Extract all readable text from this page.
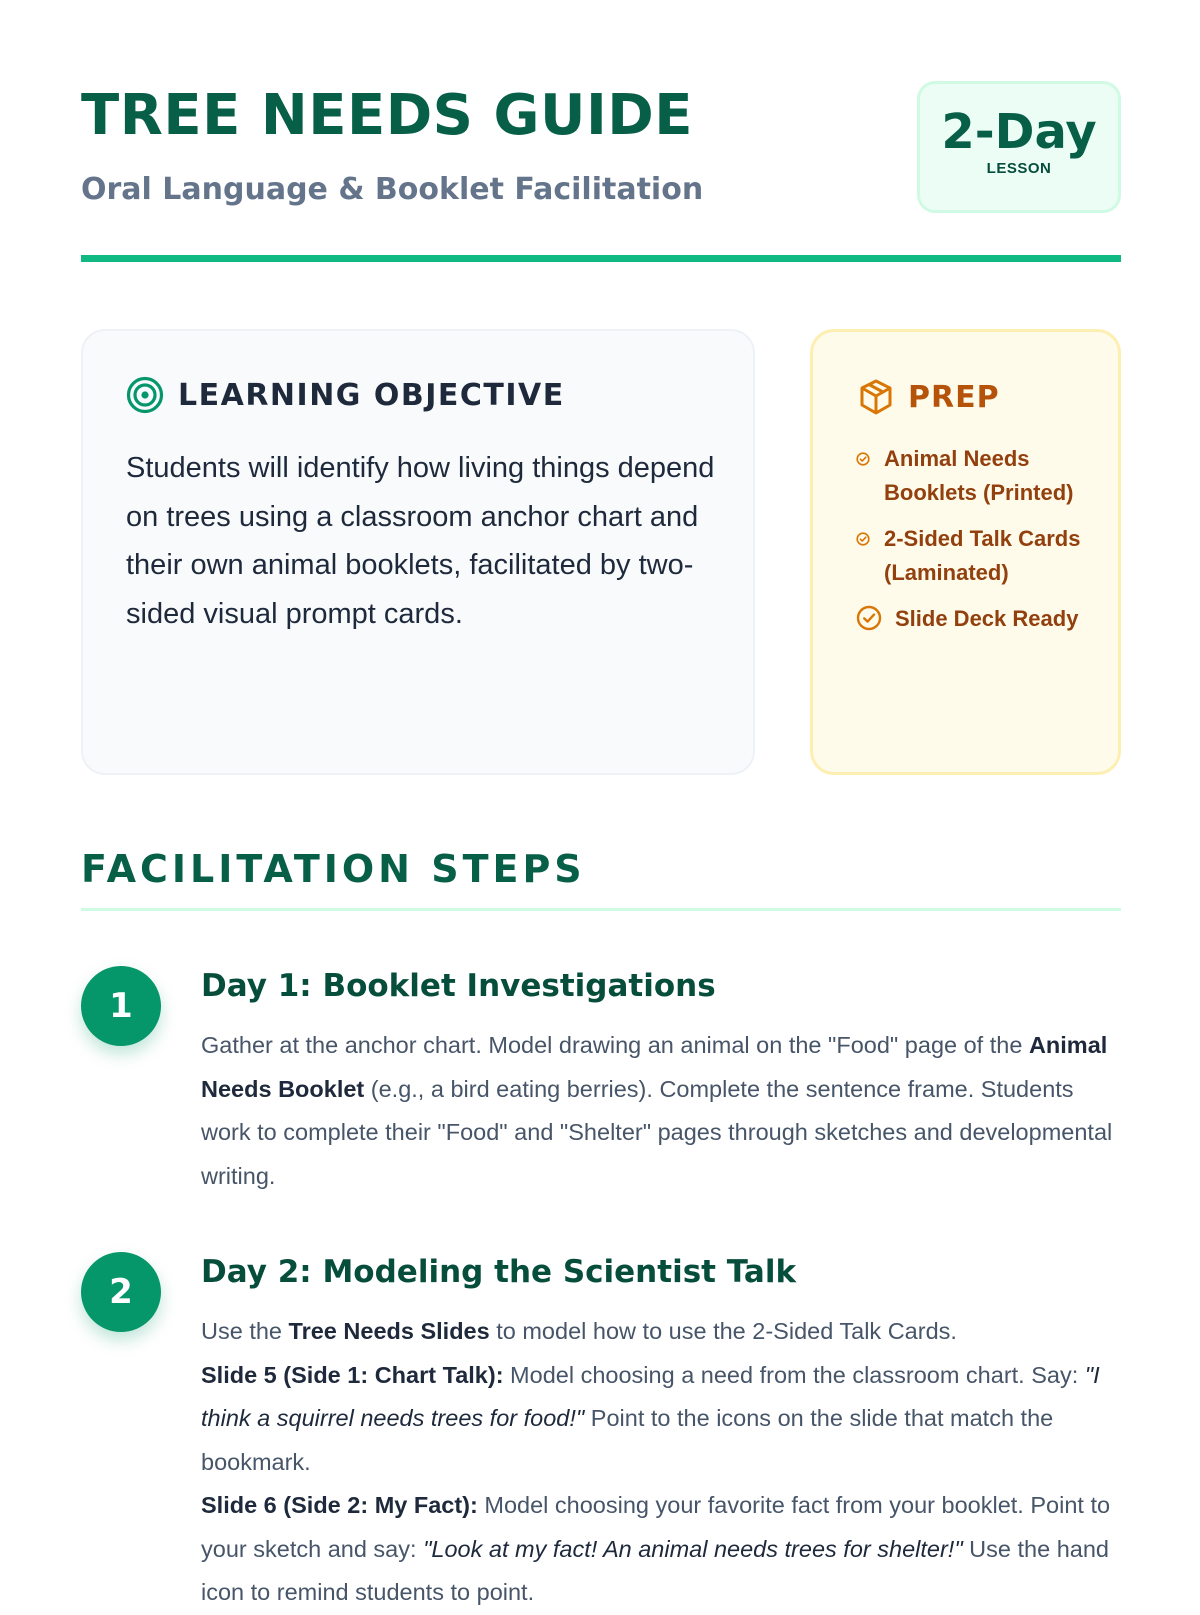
TREE NEEDS GUIDE

Oral Language & Booklet Facilitation

2-Day
LESSON
LEARNING OBJECTIVE

Students will identify how living things depend on trees using a classroom anchor chart and their own animal booklets, facilitated by two-sided visual prompt cards.

PREP
Animal Needs Booklets (Printed)
2-Sided Talk Cards (Laminated)
Slide Deck Ready
FACILITATION STEPS
1	Day 1: Booklet Investigations

Gather at the anchor chart. Model drawing an animal on the "Food" page of the Animal Needs Booklet (e.g., a bird eating berries). Complete the sentence frame. Students work to complete their "Food" and "Shelter" pages through sketches and developmental writing.

2	Day 2: Modeling the Scientist Talk

Use the Tree Needs Slides to model how to use the 2-Sided Talk Cards.
Slide 5 (Side 1: Chart Talk): Model choosing a need from the classroom chart. Say: "I think a squirrel needs trees for food!" Point to the icons on the slide that match the bookmark.
Slide 6 (Side 2: My Fact): Model choosing your favorite fact from your booklet. Point to your sketch and say: "Look at my fact! An animal needs trees for shelter!" Use the hand icon to remind students to point.
